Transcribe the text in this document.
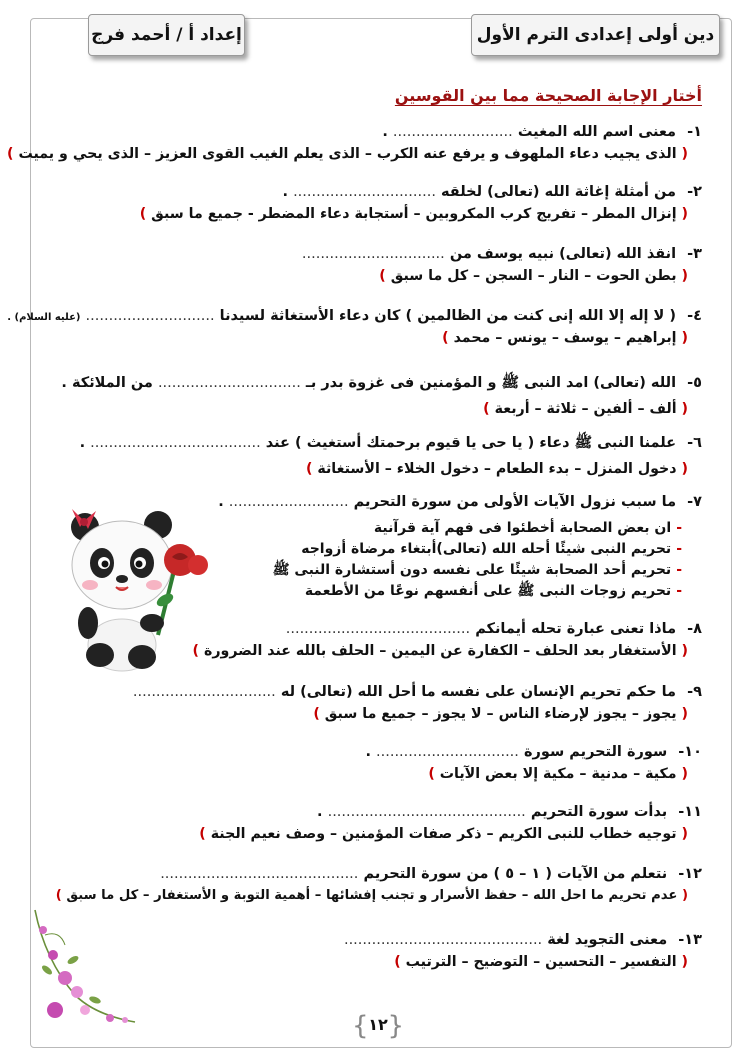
دين أولى إعدادى الترم الأول
إعداد أ / أحمد فرج
أختار الإجابة الصحيحة مما بين القوسين
١- معنى اسم الله المغيث .......................... .
( الذى يجيب دعاء الملهوف و يرفع عنه الكرب – الذى يعلم الغيب القوى العزيز – الذى يحي و يميت )
٢- من أمثلة إغاثة الله (تعالى) لخلقه ............................... .
( إنزال المطر – تفريج كرب المكروبين – أستجابة دعاء المضطر - جميع ما سبق )
٣- انقذ الله (تعالى) نبيه يوسف من ...............................
( بطن الحوت – النار – السجن – كل ما سبق )
٤- ( لا إله إلا الله إنى كنت من الظالمين ) كان دعاء الأستغاثة لسيدنا ............................ (عليه السلام) .
( إبراهيم – يوسف – يونس – محمد )
٥- الله (تعالى) امد النبى ﷺ و المؤمنين فى غزوة بدر بـ ............................... من الملائكة .
( ألف – ألفين – ثلاثة – أربعة )
٦- علمنا النبى ﷺ دعاء ( يا حى يا قيوم برحمتك أستغيث ) عند ..................................... .
( دخول المنزل – بدء الطعام – دخول الخلاء – الأستغاثة )
٧- ما سبب نزول الآيات الأولى من سورة التحريم .......................... .
-ان بعض الصحابة أخطئوا فى فهم آية قرآنية
-تحريم النبى شيئًا أحله الله (تعالى)أبتغاء مرضاة أزواجه
-تحريم أحد الصحابة شيئًا على نفسه دون أستشارة النبى ﷺ
-تحريم زوجات النبى ﷺ على أنفسهم نوعًا من الأطعمة
٨- ماذا تعنى عبارة تحله أيمانكم ........................................
( الأستغفار بعد الحلف – الكفارة عن اليمين – الحلف بالله عند الضرورة )
٩- ما حكم تحريم الإنسان على نفسه ما أحل الله (تعالى) له ...............................
( يجوز – يجوز لإرضاء الناس – لا يجوز – جميع ما سبق )
١٠- سورة التحريم سورة ............................... .
( مكية – مدنية – مكية إلا بعض الآيات )
١١- بدأت سورة التحريم ........................................... .
( توجيه خطاب للنبى الكريم – ذكر صفات المؤمنين – وصف نعيم الجنة )
١٢- نتعلم من الآيات ( ١ – ٥ ) من سورة التحريم ...........................................
( عدم تحريم ما احل الله – حفظ الأسرار و تجنب إفشائها – أهمية التوبة و الأستغفار – كل ما سبق )
١٣- معنى التجويد لغة ...........................................
( التفسير – التحسين – التوضيح – الترتيب )
{ ١٢ }
